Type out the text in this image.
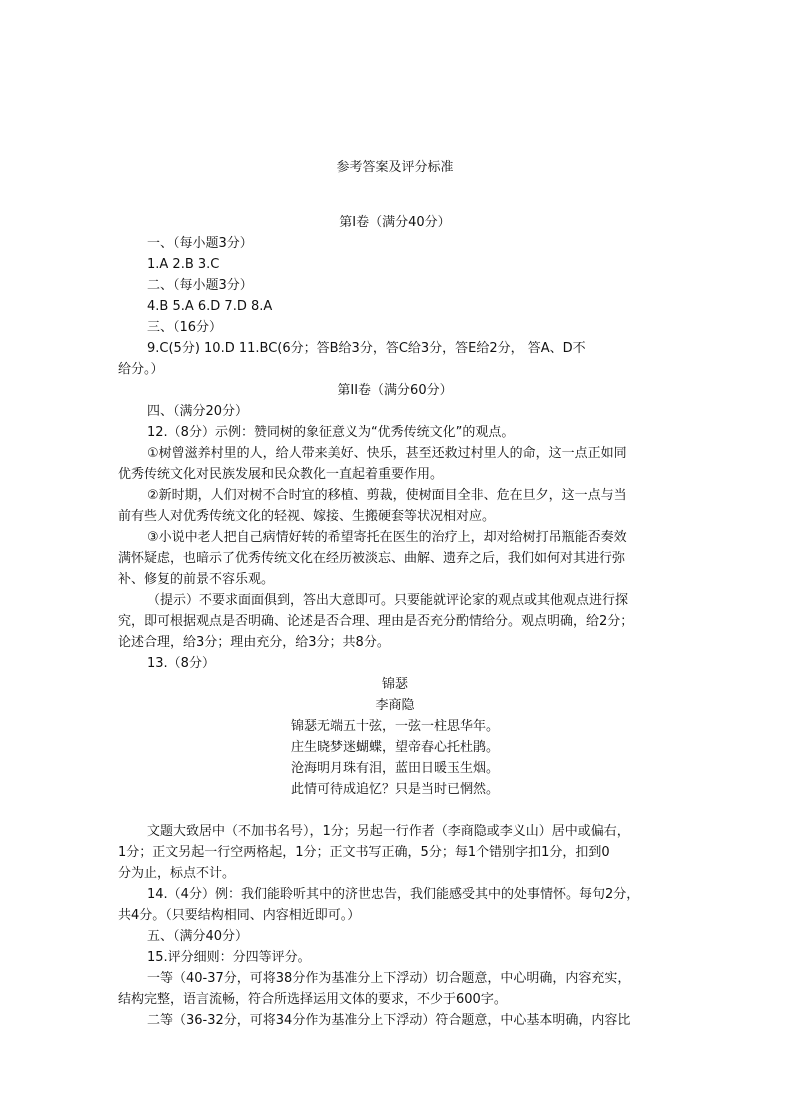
参考答案及评分标准
第Ⅰ卷（满分40分）
一、（每小题3分）
1.A 2.B 3.C
二、（每小题3分）
4.B 5.A 6.D 7.D 8.A
三、（16分）
9.C(5分) 10.D 11.BC(6分；答B给3分，答C给3分，答E给2分， 答A、D不
给分。）
第II卷（满分60分）
四、（满分20分）
12.（8分）示例：赞同树的象征意义为“优秀传统文化”的观点。
①树曾滋养村里的人，给人带来美好、快乐，甚至还救过村里人的命，这一点正如同
优秀传统文化对民族发展和民众教化一直起着重要作用。
②新时期，人们对树不合时宜的移植、剪裁，使树面目全非、危在旦夕，这一点与当
前有些人对优秀传统文化的轻视、嫁接、生搬硬套等状况相对应。
③小说中老人把自己病情好转的希望寄托在医生的治疗上，却对给树打吊瓶能否奏效
满怀疑虑，也暗示了优秀传统文化在经历被淡忘、曲解、遗弃之后，我们如何对其进行弥
补、修复的前景不容乐观。
（提示）不要求面面俱到，答出大意即可。只要能就评论家的观点或其他观点进行探
究，即可根据观点是否明确、论述是否合理、理由是否充分酌情给分。观点明确，给2分；
论述合理，给3分；理由充分，给3分；共8分。
13.（8分）
锦瑟
李商隐
锦瑟无端五十弦，一弦一柱思华年。
庄生晓梦迷蝴蝶，望帝春心托杜鹃。
沧海明月珠有泪，蓝田日暖玉生烟。
此情可待成追忆？只是当时已惘然。
文题大致居中（不加书名号），1分；另起一行作者（李商隐或李义山）居中或偏右，
1分；正文另起一行空两格起，1分；正文书写正确，5分；每1个错别字扣1分，扣到0
分为止，标点不计。
14.（4分）例：我们能聆听其中的济世忠告，我们能感受其中的处事情怀。每句2分，
共4分。（只要结构相同、内容相近即可。）
五、（满分40分）
15.评分细则：分四等评分。
一等（40-37分，可将38分作为基准分上下浮动）切合题意，中心明确，内容充实，
结构完整，语言流畅，符合所选择运用文体的要求，不少于600字。
二等（36-32分，可将34分作为基准分上下浮动）符合题意，中心基本明确，内容比
